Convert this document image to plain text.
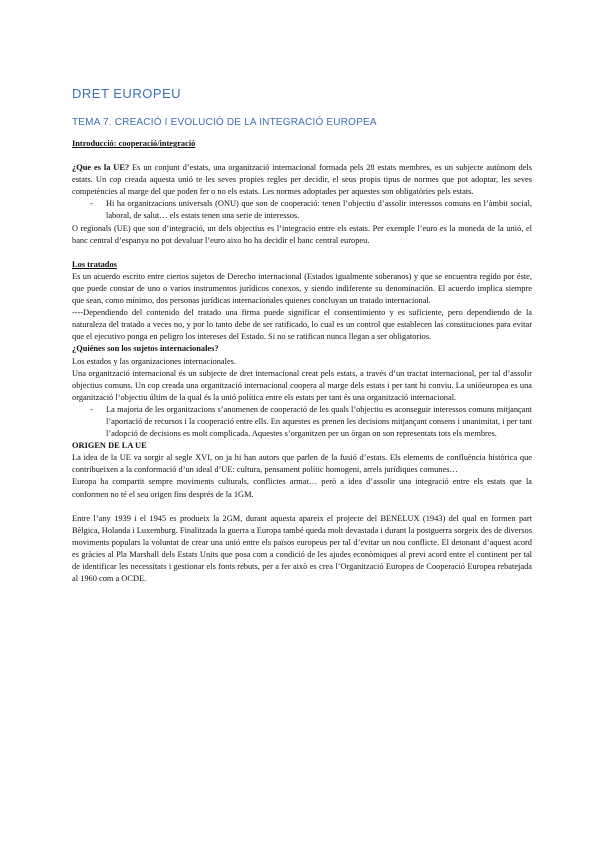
DRET EUROPEU
TEMA 7. CREACIÓ I EVOLUCIÓ DE LA INTEGRACIÓ EUROPEA

Introducció: cooperació/integració

¿Que es la UE? Es un conjunt d’estats, una organització internacional formada pels 28 estats membres, es un subjecte autònom dels estats. Un cop creada aquesta unió te les seves propies regles per decidir, el seus propis tipus de normes que pot adoptar, les seves competències al marge del que poden fer o no els estats. Les normes adoptades per aquestes son obligatòries pels estats.

- Hi ha organitzacions universals (ONU) que son de cooperació: tenen l’objectiu d’assolir interessos comuns en l’àmbit social, laboral, de salut… els estats tenen una serie de interessos.

O regionals (UE) que son d’integració, un dels objectius es l’integracio entre els estats. Per exemple l’euro es la moneda de la unió, el banc central d’espanya no pot devaluar l’euro aixo ho ha decidir el banc central europeu.

Los tratados

Es un acuerdo escrito entre ciertos sujetos de Derecho internacional (Estados igualmente soberanos) y que se encuentra regido por éste, que puede constar de uno o varios instrumentos jurídicos conexos, y siendo indiferente su denominación. El acuerdo implica siempre que sean, como mínimo, dos personas jurídicas internacionales quienes concluyan un tratado internacional.

----Dependiendo del contenido del tratado una firma puede significar el consentimiento y es suficiente, pero dependiendo de la naturaleza del tratado a veces no, y por lo tanto debe de ser ratificado, lo cual es un control que establecen las constituciones para evitar que el ejecutivo ponga en peligro los intereses del Estado. Si no se ratifican nunca llegan a ser obligatorios.

¿Quiénes son los sujetos internacionales?

Los estados y las organizaciones internacionales.

Una organització internacional és un subjecte de dret internacional creat pels estats, a través d’un tractat internacional, per tal d’assolir objectius comuns. Un cop creada una organització internacional coopera al marge dels estats i per tant hi conviu. La unióeuropea es una organització l’objectiu últim de la qual és la unió política entre els estats per tant és una organització internacional.

- La majoria de les organitzacions s’anomenen de cooperació de les quals l’objectiu es aconseguir interessos comuns mitjançant l’aportació de recursos i la cooperació entre ells. En aquestes es prenen les decisions mitjançant consens i unanimitat, i per tant l’adopció de decisions es molt complicada. Aquestes s’organitzen per un òrgan on son representats tots els membres.

ORIGEN DE LA UE

La idea de la UE va sorgir al segle XVI, on ja hi han autors que parlen de la fusió d’estats. Els elements de confluència històrica que contribueixen a la conformació d’un ideal d’UE: cultura, pensament polític homogeni, arrels jurídiques comunes…

Europa ha compartit sempre moviments culturals, conflictes armat… però a idea d’assolir una integració entre els estats que la conformen no té el seu origen fins després de la 1GM.

Entre l’any 1939 i el 1945 es produeix la 2GM, durant aquesta apareix el projecte del BENELUX (1943) del qual en formen part Bèlgica, Holanda i Luxemburg. Finalitzada la guerra a Europa també queda molt devastada i durant la postguerra sorgeix des de diversos moviments populars la voluntat de crear una unió entre els països europeus per tal d’evitar un nou conflicte. El detonant d’aquest acord es gràcies al Pla Marshall dels Estats Units que posa com a condició de les ajudes econòmiques al previ acord entre el continent per tal de identificar les necessitats i gestionar els fonts rebuts, per a fer això es crea l’Organització Europea de Cooperació Europea rebatejada al 1960 com a OCDE.
